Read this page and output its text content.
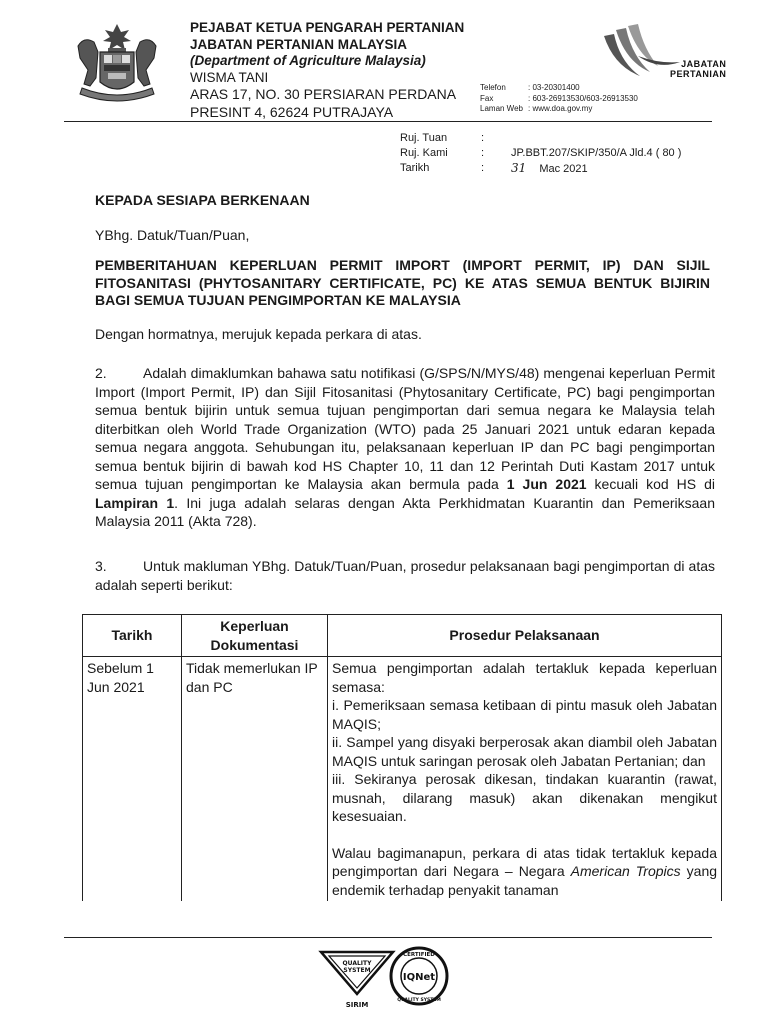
PEJABAT KETUA PENGARAH PERTANIAN
JABATAN PERTANIAN MALAYSIA
(Department of Agriculture Malaysia)
WISMA TANI
ARAS 17, NO. 30 PERSIARAN PERDANA
PRESINT 4, 62624 PUTRAJAYA
Telefon	: 03-20301400
Fax	: 603-26913530/603-26913530
Laman Web : www.doa.gov.my
JABATAN
PERTANIAN
Ruj. Tuan	:
Ruj. Kami	:	JP.BBT.207/SKIP/350/A Jld.4 ( 80 )
Tarikh	:	31 Mac 2021
KEPADA SESIAPA BERKENAAN
YBhg. Datuk/Tuan/Puan,
PEMBERITAHUAN KEPERLUAN PERMIT IMPORT (IMPORT PERMIT, IP) DAN SIJIL FITOSANITASI (PHYTOSANITARY CERTIFICATE, PC) KE ATAS SEMUA BENTUK BIJIRIN BAGI SEMUA TUJUAN PENGIMPORTAN KE MALAYSIA
Dengan hormatnya, merujuk kepada perkara di atas.
2.	Adalah dimaklumkan bahawa satu notifikasi (G/SPS/N/MYS/48) mengenai keperluan Permit Import (Import Permit, IP) dan Sijil Fitosanitasi (Phytosanitary Certificate, PC) bagi pengimportan semua bentuk bijirin untuk semua tujuan pengimportan dari semua negara ke Malaysia telah diterbitkan oleh World Trade Organization (WTO) pada 25 Januari 2021 untuk edaran kepada semua negara anggota. Sehubungan itu, pelaksanaan keperluan IP dan PC bagi pengimportan semua bentuk bijirin di bawah kod HS Chapter 10, 11 dan 12 Perintah Duti Kastam 2017 untuk semua tujuan pengimportan ke Malaysia akan bermula pada 1 Jun 2021 kecuali kod HS di Lampiran 1. Ini juga adalah selaras dengan Akta Perkhidmatan Kuarantin dan Pemeriksaan Malaysia 2011 (Akta 728).
3.	Untuk makluman YBhg. Datuk/Tuan/Puan, prosedur pelaksanaan bagi pengimportan di atas adalah seperti berikut:
Tarikh	Keperluan Dokumentasi	Prosedur Pelaksanaan
Sebelum 1 Jun 2021	Tidak memerlukan IP dan PC	Semua pengimportan adalah tertakluk kepada keperluan semasa:
i. Pemeriksaan semasa ketibaan di pintu masuk oleh Jabatan MAQIS;
ii. Sampel yang disyaki berperosak akan diambil oleh Jabatan MAQIS untuk saringan perosak oleh Jabatan Pertanian; dan
iii. Sekiranya perosak dikesan, tindakan kuarantin (rawat, musnah, dilarang masuk) akan dikenakan mengikut kesesuaian.
Walau bagimanapun, perkara di atas tidak tertakluk kepada pengimportan dari Negara – Negara American Tropics yang endemik terhadap penyakit tanaman
QUALITY
SYSTEM
SIRIM
CERTIFIED
IQNet
QUALITY SYSTEM
